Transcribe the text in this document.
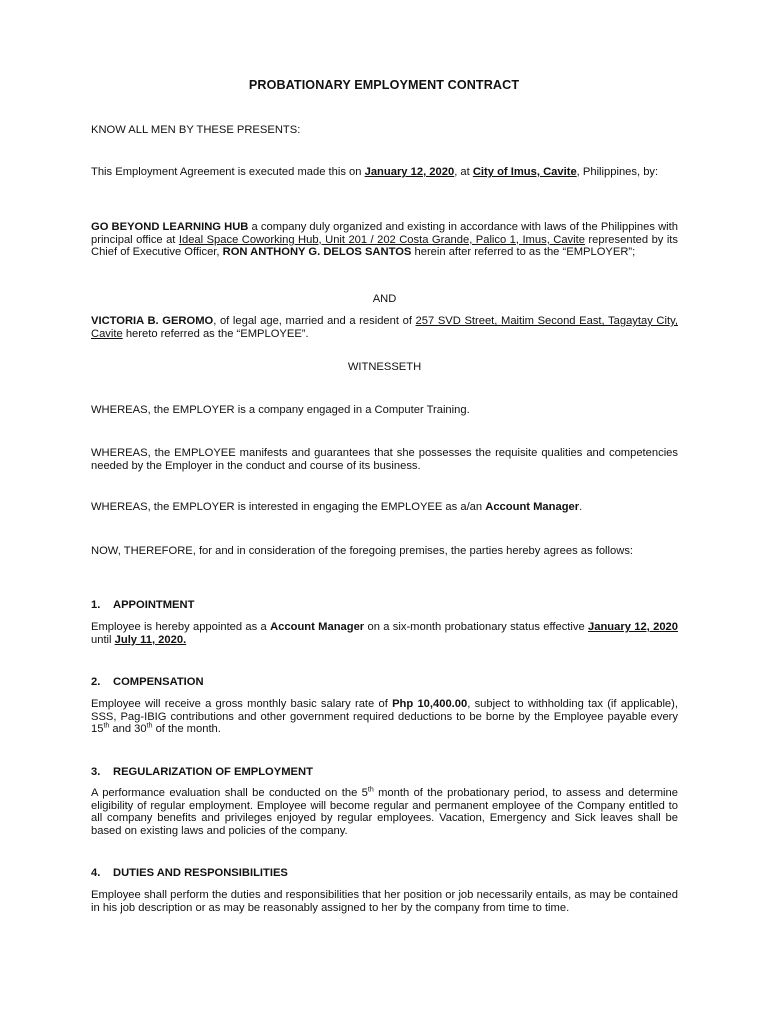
PROBATIONARY EMPLOYMENT CONTRACT
KNOW ALL MEN BY THESE PRESENTS:
This Employment Agreement is executed made this on January 12, 2020, at City of Imus, Cavite, Philippines, by:
GO BEYOND LEARNING HUB a company duly organized and existing in accordance with laws of the Philippines with principal office at Ideal Space Coworking Hub, Unit 201 / 202 Costa Grande, Palico 1, Imus, Cavite represented by its Chief of Executive Officer, RON ANTHONY G. DELOS SANTOS herein after referred to as the “EMPLOYER”;
AND
VICTORIA B. GEROMO, of legal age, married and a resident of 257 SVD Street, Maitim Second East, Tagaytay City, Cavite hereto referred as the “EMPLOYEE”.
WITNESSETH
WHEREAS, the EMPLOYER is a company engaged in a Computer Training.
WHEREAS, the EMPLOYEE manifests and guarantees that she possesses the requisite qualities and competencies needed by the Employer in the conduct and course of its business.
WHEREAS, the EMPLOYER is interested in engaging the EMPLOYEE as a/an Account Manager.
NOW, THEREFORE, for and in consideration of the foregoing premises, the parties hereby agrees as follows:
1. APPOINTMENT
Employee is hereby appointed as a Account Manager on a six-month probationary status effective January 12, 2020 until July 11, 2020.
2. COMPENSATION
Employee will receive a gross monthly basic salary rate of Php 10,400.00, subject to withholding tax (if applicable), SSS, Pag-IBIG contributions and other government required deductions to be borne by the Employee payable every 15th and 30th of the month.
3. REGULARIZATION OF EMPLOYMENT
A performance evaluation shall be conducted on the 5th month of the probationary period, to assess and determine eligibility of regular employment. Employee will become regular and permanent employee of the Company entitled to all company benefits and privileges enjoyed by regular employees. Vacation, Emergency and Sick leaves shall be based on existing laws and policies of the company.
4. DUTIES AND RESPONSIBILITIES
Employee shall perform the duties and responsibilities that her position or job necessarily entails, as may be contained in his job description or as may be reasonably assigned to her by the company from time to time.
